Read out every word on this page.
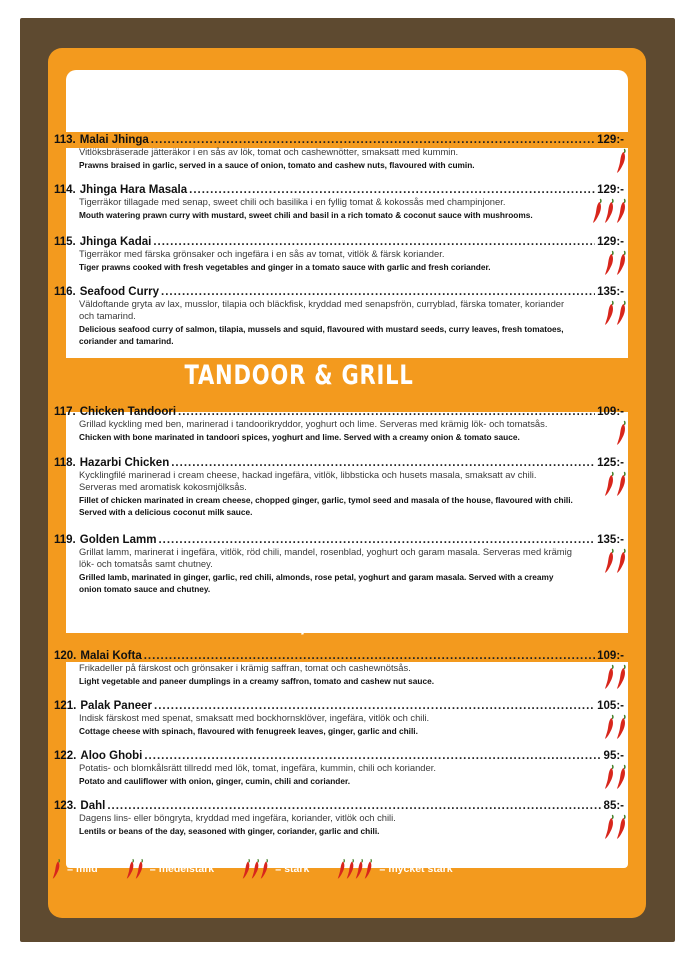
FRÅN HAVET/SEAFOOD
TANDOOR & GRILL
VEGETARISKT/VEGETARIAN
113. Malai Jhinga .....	129:-
Vitlöksbräserade jätteräkor i en sås av lök, tomat och cashewnötter, smaksatt med kummin.
Prawns braised in garlic, served in a sauce of onion, tomato and cashew nuts, flavoured with cumin.
114. Jhinga Hara Masala .....	129:-
Tigerräkor tillagade med senap, sweet chili och basilika i en fyllig tomat & kokossås med champinjoner.
Mouth watering prawn curry with mustard, sweet chili and basil in a rich tomato & coconut sauce with mushrooms.
115. Jhinga Kadai .....	129:-
Tigerräkor med färska grönsaker och ingefära i en sås av tomat, vitlök & färsk koriander.
Tiger prawns cooked with fresh vegetables and ginger in a tomato sauce with garlic and fresh coriander.
116. Seafood Curry .....	135:-
Väldoftande gryta av lax, musslor, tilapia och bläckfisk, kryddad med senapsfrön, curryblad, färska tomater, koriander och tamarind.
Delicious seafood curry of salmon, tilapia, mussels and squid, flavoured with mustard seeds, curry leaves, fresh tomatoes, coriander and tamarind.
117. Chicken Tandoori .....	109:-
Grillad kyckling med ben, marinerad i tandoorikryddor, yoghurt och lime. Serveras med krämig lök- och tomatsås.
Chicken with bone marinated in tandoori spices, yoghurt and lime. Served with a creamy onion & tomato sauce.
118. Hazarbi Chicken .....	125:-
Kycklingfilé marinerad i cream cheese, hackad ingefära, vitlök, libbsticka och husets masala, smaksatt av chili. Serveras med aromatisk kokosmjölksås.
Fillet of chicken marinated in cream cheese, chopped ginger, garlic, tymol seed and masala of the house, flavoured with chili. Served with a delicious coconut milk sauce.
119. Golden Lamm .....	135:-
Grillat lamm, marinerat i ingefära, vitlök, röd chili, mandel, rosenblad, yoghurt och garam masala. Serveras med krämig lök- och tomatsås samt chutney.
Grilled lamb, marinated in ginger, garlic, red chili, almonds, rose petal, yoghurt and garam masala. Served with a creamy onion tomato sauce and chutney.
120. Malai Kofta .....	109:-
Frikadeller på färskost och grönsaker i krämig saffran, tomat och cashewnötsås.
Light vegetable and paneer dumplings in a creamy saffron, tomato and cashew nut sauce.
121. Palak Paneer .....	105:-
Indisk färskost med spenat, smaksatt med bockhornsklöver, ingefära, vitlök och chili.
Cottage cheese with spinach, flavoured with fenugreek leaves, ginger, garlic and chili.
122. Aloo Ghobi .....	95:-
Potatis- och blomkålsrätt tillredd med lök, tomat, ingefära, kummin, chili och koriander.
Potato and cauliflower with onion, ginger, cumin, chili and coriander.
123. Dahl .....	85:-
Dagens lins- eller böngryta, kryddad med ingefära, koriander, vitlök och chili.
Lentils or beans of the day, seasoned with ginger, coriander, garlic and chili.
= mild	= medelstark	= stark	= mycket stark
